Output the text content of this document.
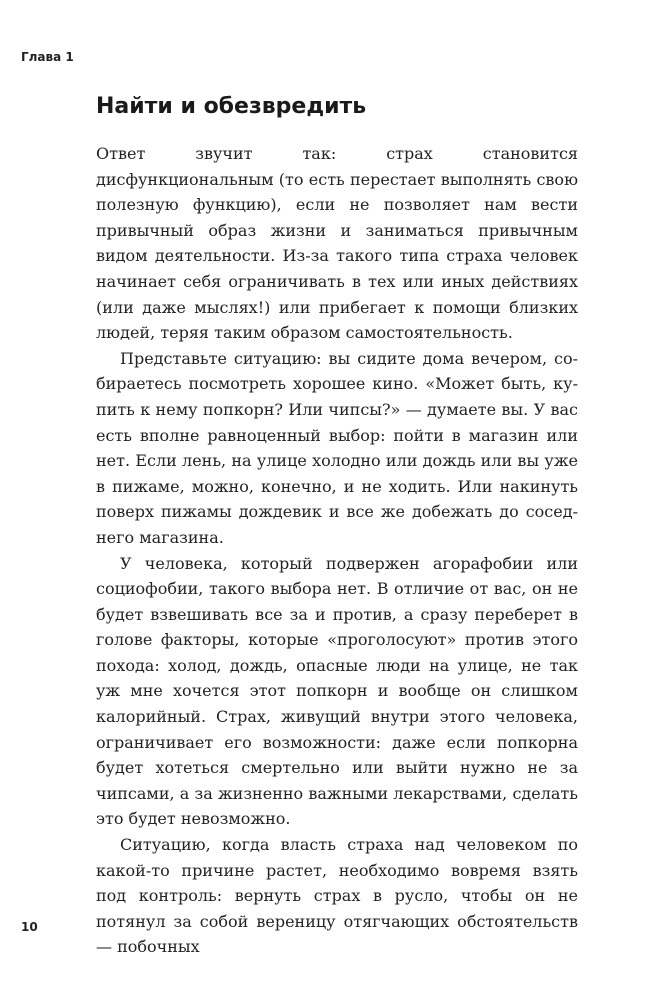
Глава 1
Найти и обезвредить

Ответ звучит так: страх становится дисфункциональным (то есть перестает выполнять свою полезную функцию), если не позволяет нам вести привычный образ жизни и заниматься привычным видом деятельности. Из-за такого типа страха человек начинает себя ограничивать в тех или иных действиях (или даже мыслях!) или прибегает к помощи близких людей, теряя таким образом самостоятельность.

Представьте ситуацию: вы сидите дома вечером, собираетесь посмотреть хорошее кино. «Может быть, купить к нему попкорн? Или чипсы?» — думаете вы. У вас есть вполне равноценный выбор: пойти в магазин или нет. Если лень, на улице холодно или дождь или вы уже в пижаме, можно, конечно, и не ходить. Или накинуть поверх пижамы дождевик и все же добежать до соседнего магазина.

У человека, который подвержен агорафобии или социофобии, такого выбора нет. В отличие от вас, он не будет взвешивать все за и против, а сразу переберет в голове факторы, которые «проголосуют» против этого похода: холод, дождь, опасные люди на улице, не так уж мне хочется этот попкорн и вообще он слишком калорийный. Страх, живущий внутри этого человека, ограничивает его возможности: даже если попкорна будет хотеться смертельно или выйти нужно не за чипсами, а за жизненно важными лекарствами, сделать это будет невозможно.

Ситуацию, когда власть страха над человеком по какой-то причине растет, необходимо вовремя взять под контроль: вернуть страх в русло, чтобы он не потянул за собой вереницу отягчающих обстоятельств — побочных

10
